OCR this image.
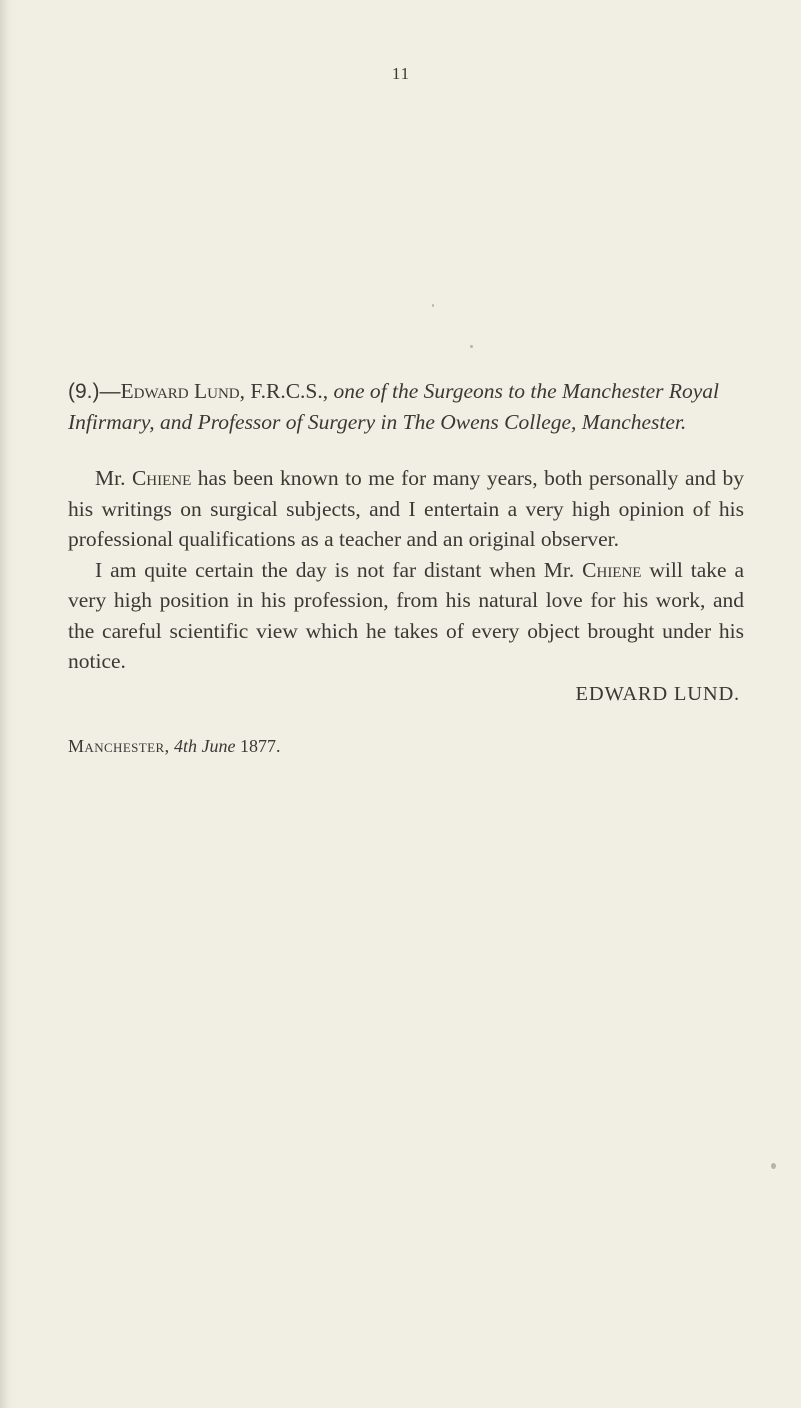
11

(9.)—Edward Lund, F.R.C.S., one of the Surgeons to the Manchester Royal Infirmary, and Professor of Surgery in The Owens College, Manchester.

Mr. Chiene has been known to me for many years, both personally and by his writings on surgical subjects, and I entertain a very high opinion of his professional qualifications as a teacher and an original observer.

I am quite certain the day is not far distant when Mr. Chiene will take a very high position in his profession, from his natural love for his work, and the careful scientific view which he takes of every object brought under his notice.

EDWARD LUND.
Manchester, 4th June 1877.
